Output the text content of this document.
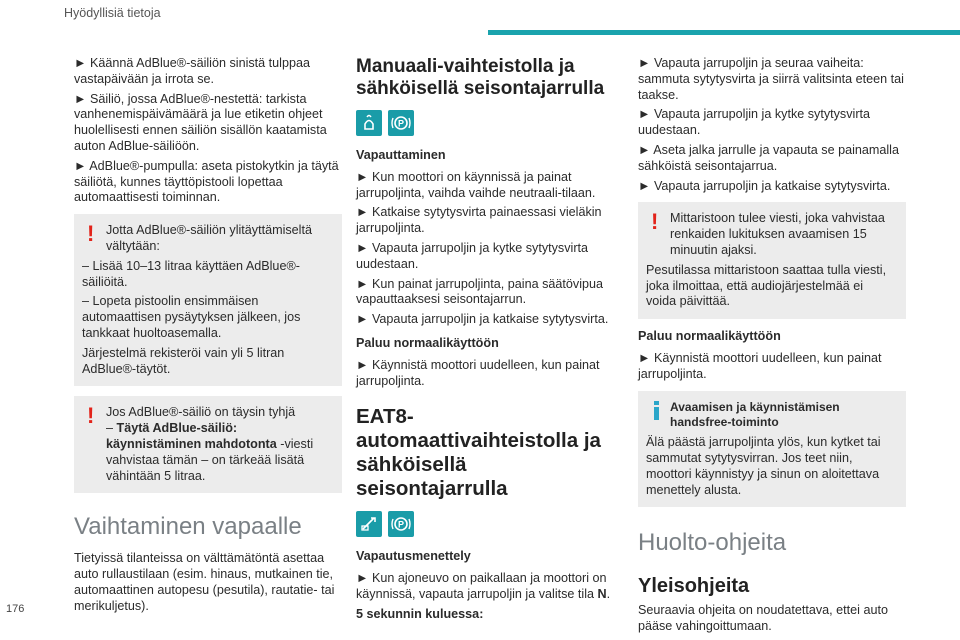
Hyödyllisiä tietoja
176

► Käännä AdBlue®-säiliön sinistä tulppaa vastapäivään ja irrota se.

► Säiliö, jossa AdBlue®-nestettä: tarkista vanhenemispäivämäärä ja lue etiketin ohjeet huolellisesti ennen säiliön sisällön kaatamista auton AdBlue-säiliöön.

► AdBlue®-pumpulla: aseta pistokytkin ja täytä säiliötä, kunnes täyttöpistooli lopettaa automaattisesti toiminnan.

! Jotta AdBlue®-säiliön ylitäyttämiseltä vältytään:

– Lisää 10–13 litraa käyttäen AdBlue®-säiliöitä.

– Lopeta pistoolin ensimmäisen automaattisen pysäytyksen jälkeen, jos tankkaat huoltoasemalla.

Järjestelmä rekisteröi vain yli 5 litran AdBlue®-täytöt.

! Jos AdBlue®-säiliö on täysin tyhjä
– Täytä AdBlue-säiliö: käynnistäminen mahdotonta -viesti vahvistaa tämän – on tärkeää lisätä vähintään 5 litraa.

Vaihtaminen vapaalle

Tietyissä tilanteissa on välttämätöntä asettaa auto rullaustilaan (esim. hinaus, mutkainen tie, automaattinen autopesu (pesutila), rautatie- tai merikuljetus).

Manuaali-vaihteistolla ja sähköisellä seisontajarrulla
P
Vapauttaminen

► Kun moottori on käynnissä ja painat jarrupoljinta, vaihda vaihde neutraali-tilaan.

► Katkaise sytytysvirta painaessasi vieläkin jarrupoljinta.

► Vapauta jarrupoljin ja kytke sytytysvirta uudestaan.

► Kun painat jarrupoljinta, paina säätövipua vapauttaaksesi seisontajarrun.

► Vapauta jarrupoljin ja katkaise sytytysvirta.

Paluu normaalikäyttöön

► Käynnistä moottori uudelleen, kun painat jarrupoljinta.

EAT8-automaattivaihteistolla ja sähköisellä seisontajarrulla
P
Vapautusmenettely

► Kun ajoneuvo on paikallaan ja moottori on käynnissä, vapauta jarrupoljin ja valitse tila N.

5 sekunnin kuluessa:

► Vapauta jarrupoljin ja seuraa vaiheita: sammuta sytytysvirta ja siirrä valitsinta eteen tai taakse.

► Vapauta jarrupoljin ja kytke sytytysvirta uudestaan.

► Aseta jalka jarrulle ja vapauta se painamalla sähköistä seisontajarrua.

► Vapauta jarrupoljin ja katkaise sytytysvirta.

! Mittaristoon tulee viesti, joka vahvistaa renkaiden lukituksen avaamisen 15 minuutin ajaksi.

Pesutilassa mittaristoon saattaa tulla viesti, joka ilmoittaa, että audiojärjestelmää ei voida päivittää.

Paluu normaalikäyttöön

► Käynnistä moottori uudelleen, kun painat jarrupoljinta.

Avaamisen ja käynnistämisen handsfree-toiminto

Älä päästä jarrupoljinta ylös, kun kytket tai sammutat sytytysvirran. Jos teet niin, moottori käynnistyy ja sinun on aloitettava menettely alusta.

Huolto-ohjeita
Yleisohjeita

Seuraavia ohjeita on noudatettava, ettei auto pääse vahingoittumaan.
